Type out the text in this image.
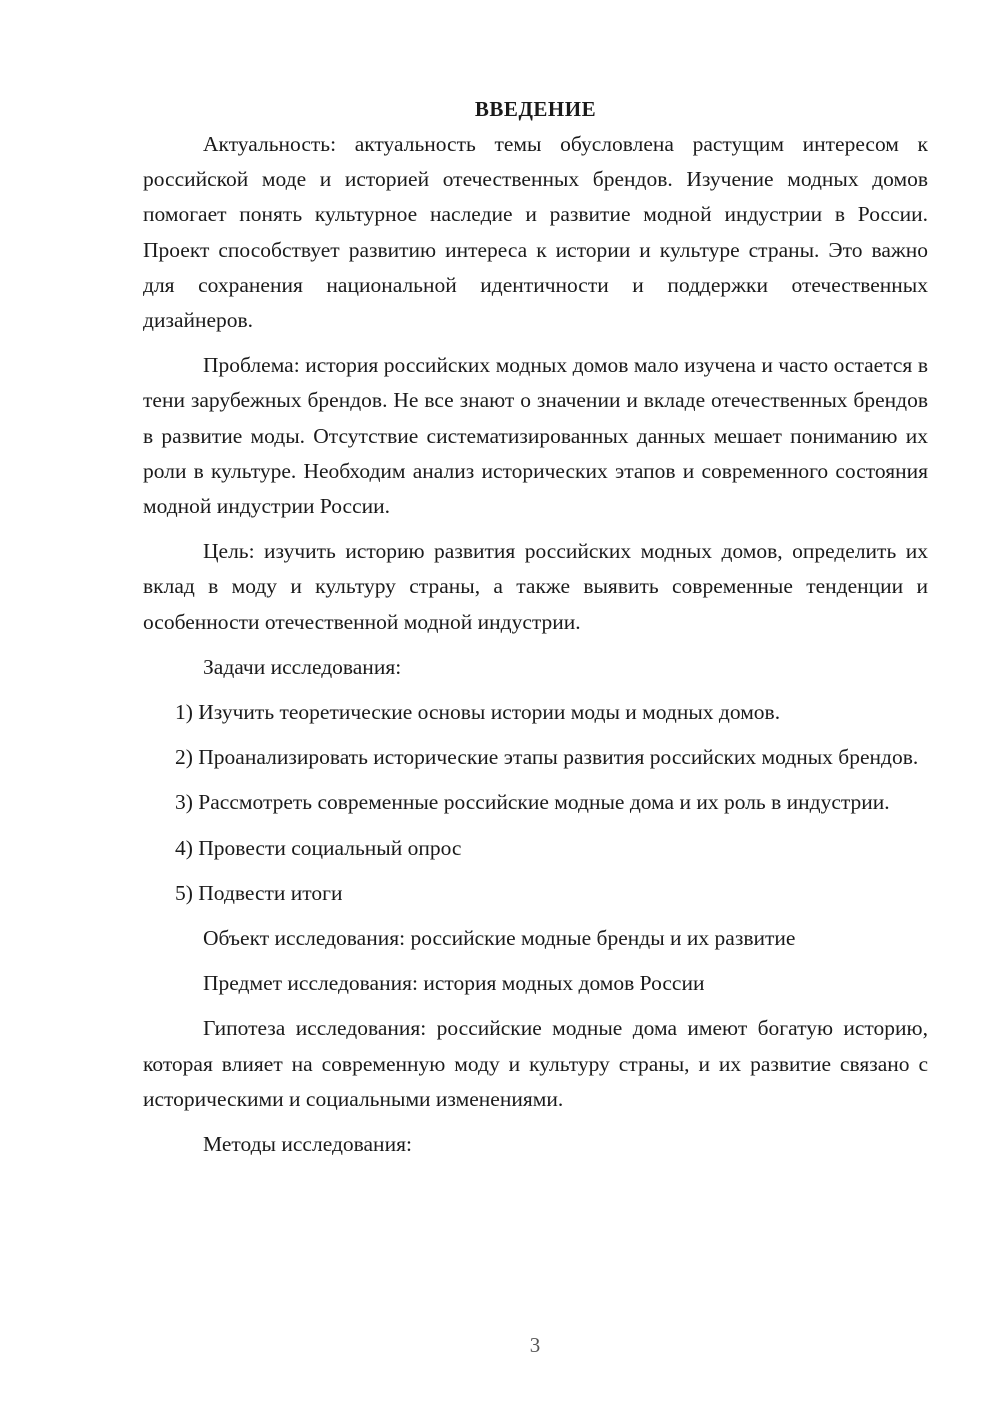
ВВЕДЕНИЕ

Актуальность: актуальность темы обусловлена растущим интересом к российской моде и историей отечественных брендов. Изучение модных домов помогает понять культурное наследие и развитие модной индустрии в России. Проект способствует развитию интереса к истории и культуре страны. Это важно для сохранения национальной идентичности и поддержки отечественных дизайнеров.

Проблема: история российских модных домов мало изучена и часто остается в тени зарубежных брендов. Не все знают о значении и вкладе отечественных брендов в развитие моды. Отсутствие систематизированных данных мешает пониманию их роли в культуре. Необходим анализ исторических этапов и современного состояния модной индустрии России.

Цель: изучить историю развития российских модных домов, определить их вклад в моду и культуру страны, а также выявить современные тенденции и особенности отечественной модной индустрии.

Задачи исследования:

1) Изучить теоретические основы истории моды и модных домов.

2) Проанализировать исторические этапы развития российских модных брендов.

3) Рассмотреть современные российские модные дома и их роль в индустрии.

4) Провести социальный опрос

5) Подвести итоги

Объект исследования: российские модные бренды и их развитие

Предмет исследования: история модных домов России

Гипотеза исследования: российские модные дома имеют богатую историю, которая влияет на современную моду и культуру страны, и их развитие связано с историческими и социальными изменениями.

Методы исследования:

3
